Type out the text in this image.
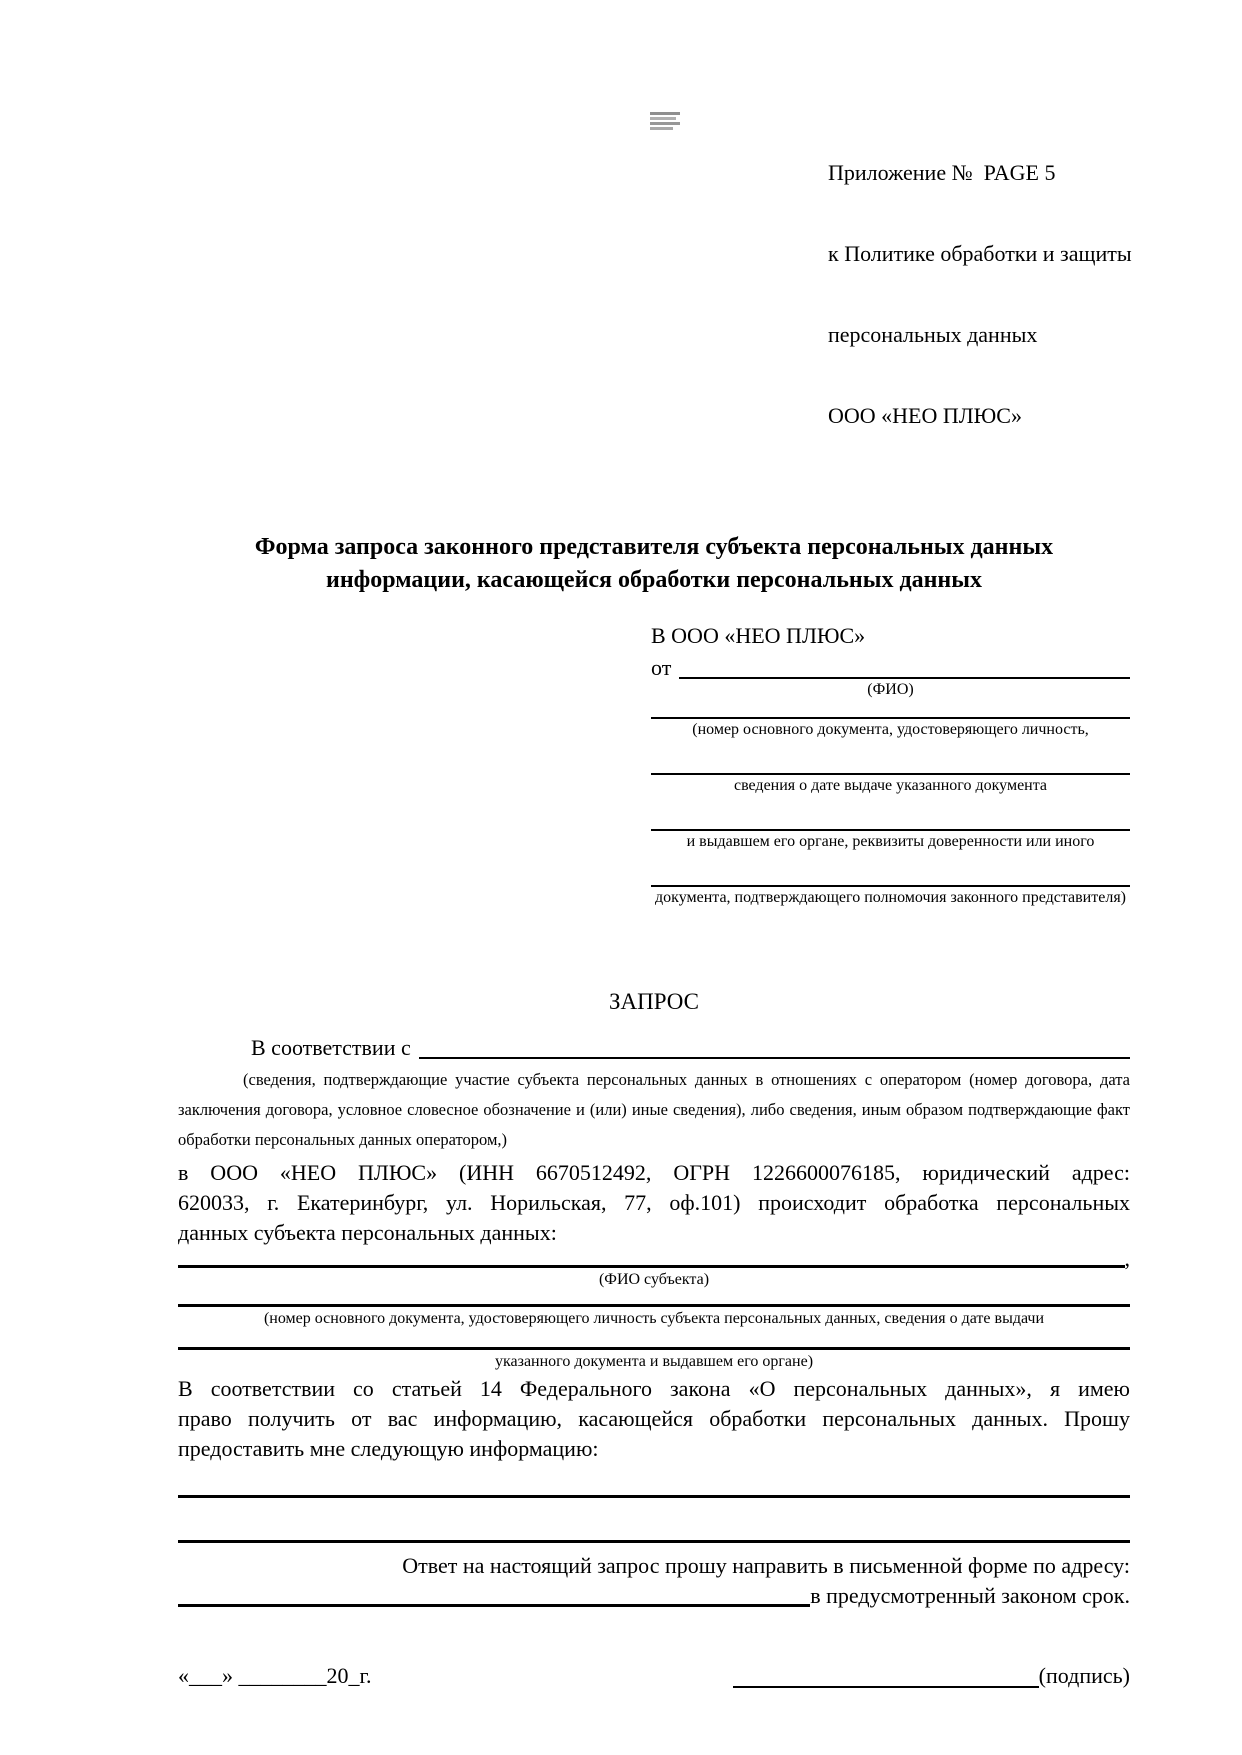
Приложение №  PAGE 5

к Политике обработки и защиты

персональных данных

ООО «НЕО ПЛЮС»

Форма запроса законного представителя субъекта персональных данных
информации, касающейся обработки персональных данных
В ООО «НЕО ПЛЮС»
от
(ФИО)
(номер основного документа, удостоверяющего личность,
сведения о дате выдаче указанного документа
и выдавшем его органе, реквизиты доверенности или иного
документа, подтверждающего полномочия законного представителя)
ЗАПРОС
В соответствии с
(сведения, подтверждающие участие субъекта персональных данных в отношениях с оператором (номер договора, дата
заключения договора, условное словесное обозначение и (или) иные сведения), либо сведения, иным образом подтверждающие факт
обработки персональных данных оператором,)
в ООО «НЕО ПЛЮС» (ИНН 6670512492, ОГРН 1226600076185, юридический адрес:
620033, г. Екатеринбург, ул. Норильская, 77, оф.101) происходит обработка персональных
данных субъекта персональных данных:
,
(ФИО субъекта)
(номер основного документа, удостоверяющего личность субъекта персональных данных, сведения о дате выдачи
указанного документа и выдавшем его органе)
В соответствии со статьей 14 Федерального закона «О персональных данных», я имею
право получить от вас информацию, касающейся обработки персональных данных. Прошу
предоставить мне следующую информацию:
Ответ на настоящий запрос прошу направить в письменной форме по адресу:
в предусмотренный законом срок.
«___» ________20_г.	(подпись)
